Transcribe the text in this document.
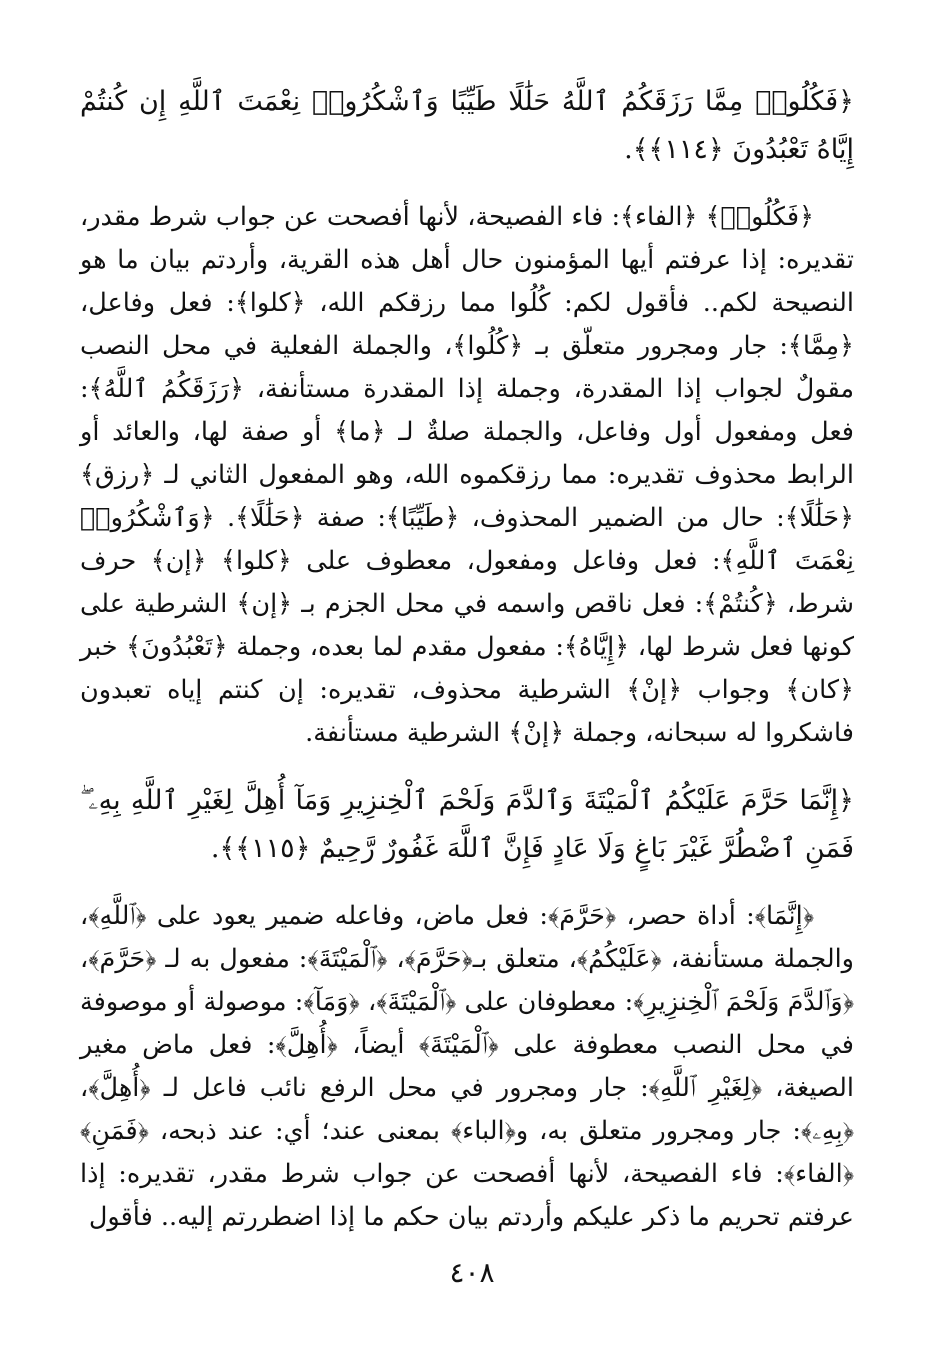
﴿فَكُلُوا۟ مِمَّا رَزَقَكُمُ ٱللَّهُ حَلَٰلًا طَيِّبًا وَٱشْكُرُوا۟ نِعْمَتَ ٱللَّهِ إِن كُنتُمْ إِيَّاهُ تَعْبُدُونَ ﴿١١٤﴾﴾.

﴿فَكُلُوا۟﴾ ﴿الفاء﴾: فاء الفصيحة، لأنها أفصحت عن جواب شرط مقدر، تقديره: إذا عرفتم أيها المؤمنون حال أهل هذه القرية، وأردتم بيان ما هو النصيحة لكم.. فأقول لكم: كُلُوا مما رزقكم الله، ﴿كلوا﴾: فعل وفاعل، ﴿مِمَّا﴾: جار ومجرور متعلّق بـ ﴿كُلُوا﴾، والجملة الفعلية في محل النصب مقولٌ لجواب إذا المقدرة، وجملة إذا المقدرة مستأنفة، ﴿رَزَقَكُمُ ٱللَّهُ﴾: فعل ومفعول أول وفاعل، والجملة صلةٌ لـ ﴿ما﴾ أو صفة لها، والعائد أو الرابط محذوف تقديره: مما رزقكموه الله، وهو المفعول الثاني لـ ﴿رزق﴾ ﴿حَلَٰلًا﴾: حال من الضمير المحذوف، ﴿طَيِّبًا﴾: صفة ﴿حَلَٰلًا﴾. ﴿وَٱشْكُرُوا۟ نِعْمَتَ ٱللَّهِ﴾: فعل وفاعل ومفعول، معطوف على ﴿كلوا﴾ ﴿إن﴾ حرف شرط، ﴿كُنتُمْ﴾: فعل ناقص واسمه في محل الجزم بـ ﴿إن﴾ الشرطية على كونها فعل شرط لها، ﴿إِيَّاهُ﴾: مفعول مقدم لما بعده، وجملة ﴿تَعْبُدُونَ﴾ خبر ﴿كان﴾ وجواب ﴿إنْ﴾ الشرطية محذوف، تقديره: إن كنتم إياه تعبدون فاشكروا له سبحانه، وجملة ﴿إنْ﴾ الشرطية مستأنفة.

﴿إِنَّمَا حَرَّمَ عَلَيْكُمُ ٱلْمَيْتَةَ وَٱلدَّمَ وَلَحْمَ ٱلْخِنزِيرِ وَمَآ أُهِلَّ لِغَيْرِ ٱللَّهِ بِهِۦ ۖ فَمَنِ ٱضْطُرَّ غَيْرَ بَاغٍ وَلَا عَادٍ فَإِنَّ ٱللَّهَ غَفُورٌ رَّحِيمٌ ﴿١١٥﴾﴾.

﴿إِنَّمَا﴾: أداة حصر، ﴿حَرَّمَ﴾: فعل ماض، وفاعله ضمير يعود على ﴿ٱللَّهِ﴾، والجملة مستأنفة، ﴿عَلَيْكُمُ﴾، متعلق بـ﴿حَرَّمَ﴾، ﴿ٱلْمَيْتَةَ﴾: مفعول به لـ ﴿حَرَّمَ﴾، ﴿وَٱلدَّمَ وَلَحْمَ ٱلْخِنزِيرِ﴾: معطوفان على ﴿ٱلْمَيْتَةَ﴾، ﴿وَمَآ﴾: موصولة أو موصوفة في محل النصب معطوفة على ﴿ٱلْمَيْتَةَ﴾ أيضاً، ﴿أُهِلَّ﴾: فعل ماض مغير الصيغة، ﴿لِغَيْرِ ٱللَّهِ﴾: جار ومجرور في محل الرفع نائب فاعل لـ ﴿أُهِلَّ﴾، ﴿بِهِۦ﴾: جار ومجرور متعلق به، و﴿الباء﴾ بمعنى عند؛ أي: عند ذبحه، ﴿فَمَنِ﴾ ﴿الفاء﴾: فاء الفصيحة، لأنها أفصحت عن جواب شرط مقدر، تقديره: إذا عرفتم تحريم ما ذكر عليكم وأردتم بيان حكم ما إذا اضطررتم إليه.. فأقول

٤٠٨
